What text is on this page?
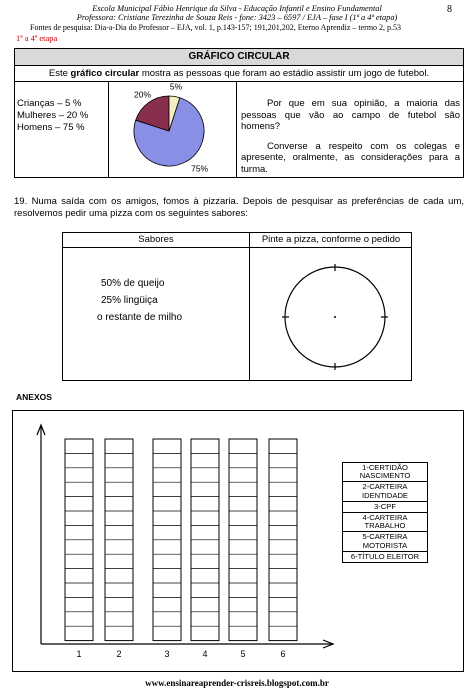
Escola Municipal Fábio Henrique da Silva - Educação Infantil e Ensino Fundamental
Professora: Cristiane Terezinha de Souza Reis - fone: 3423 – 6597 / EJA – fase I (1ª a 4ª etapa)
8
Fontes de pesquisa: Dia-a-Dia do Professor – EJA, vol. 1, p.143-157; 191,201,202, Eterno Aprendiz – termo 2, p.53
1ª a 4ª etapa
GRÁFICO CIRCULAR
Este gráfico circular mostra as pessoas que foram ao estádio assistir um jogo de futebol.
Crianças – 5 %
Mulheres – 20 %
Homens – 75 %
75%
20%
5%

Por que em sua opinião, a maioria das pessoas que vão ao campo de futebol são homens?

Converse a respeito com os colegas e apresente, oralmente, as considerações para a turma.

19. Numa saída com os amigos, fomos à pizzaria. Depois de pesquisar as preferências de cada um, resolvemos pedir uma pizza com os seguintes sabores:
Sabores	Pinte a pizza, conforme o pedido
50% de queijo
25% lingüiça
o restante de milho
ANEXOS
1	2	3	4	5	6
1-CERTIDÃO NASCIMENTO
2-CARTEIRA IDENTIDADE
3-CPF
4-CARTEIRA TRABALHO
5-CARTEIRA MOTORISTA
6-TÍTULO ELEITOR
www.ensinareaprender-crisreis.blogspot.com.br
